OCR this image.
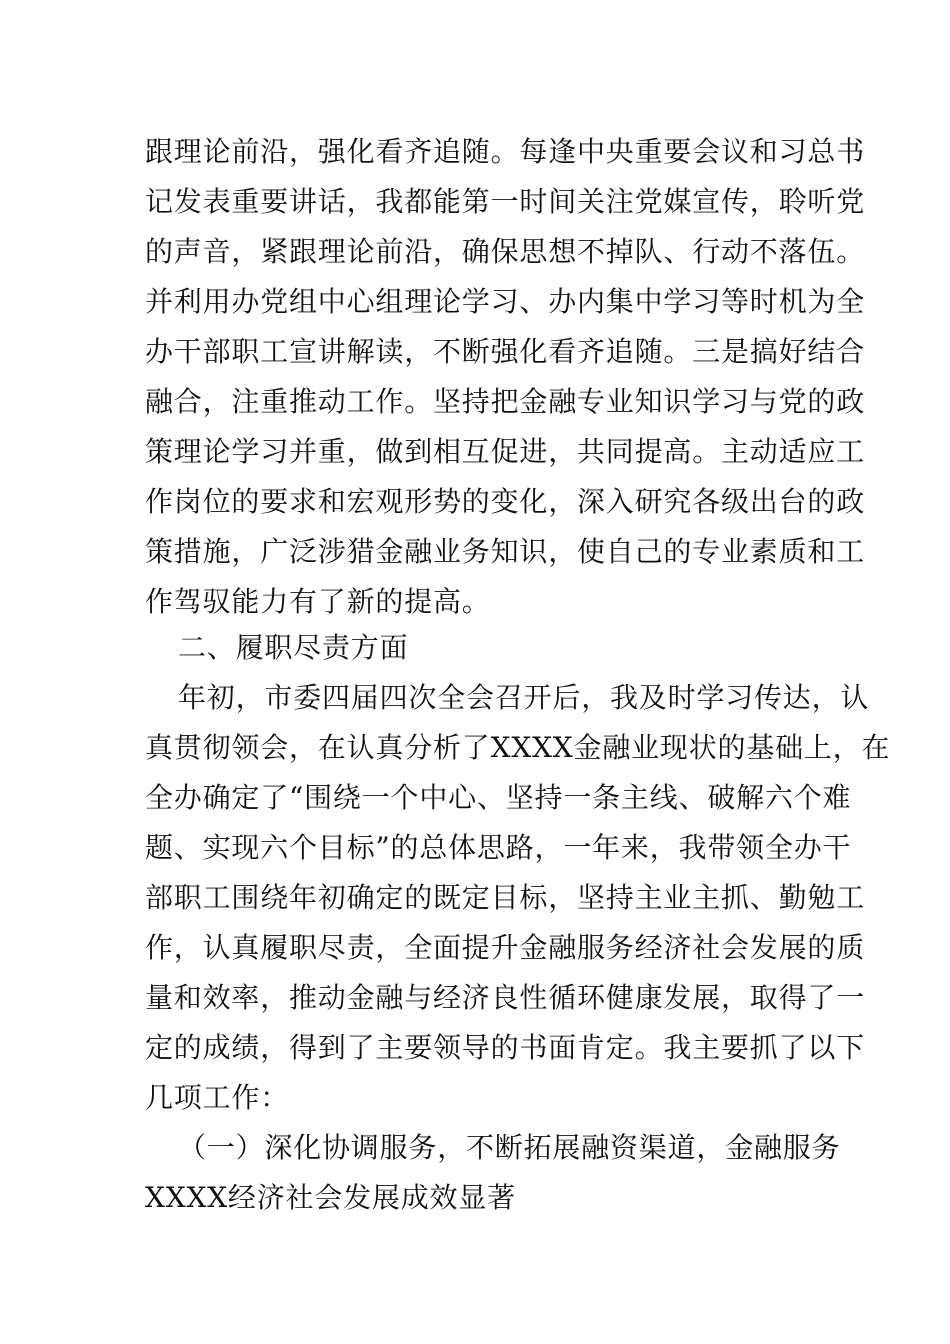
跟理论前沿，强化看齐追随。每逢中央重要会议和习总书
记发表重要讲话，我都能第一时间关注党媒宣传，聆听党
的声音，紧跟理论前沿，确保思想不掉队、行动不落伍。
并利用办党组中心组理论学习、办内集中学习等时机为全
办干部职工宣讲解读，不断强化看齐追随。三是搞好结合
融合，注重推动工作。坚持把金融专业知识学习与党的政
策理论学习并重，做到相互促进，共同提高。主动适应工
作岗位的要求和宏观形势的变化，深入研究各级出台的政
策措施，广泛涉猎金融业务知识，使自己的专业素质和工
作驾驭能力有了新的提高。
二、履职尽责方面
年初，市委四届四次全会召开后，我及时学习传达，认
真贯彻领会，在认真分析了XXXX金融业现状的基础上，在
全办确定了“围绕一个中心、坚持一条主线、破解六个难
题、实现六个目标”的总体思路，一年来，我带领全办干
部职工围绕年初确定的既定目标，坚持主业主抓、勤勉工
作，认真履职尽责，全面提升金融服务经济社会发展的质
量和效率，推动金融与经济良性循环健康发展，取得了一
定的成绩，得到了主要领导的书面肯定。我主要抓了以下
几项工作：
（一）深化协调服务，不断拓展融资渠道，金融服务
XXXX经济社会发展成效显著
